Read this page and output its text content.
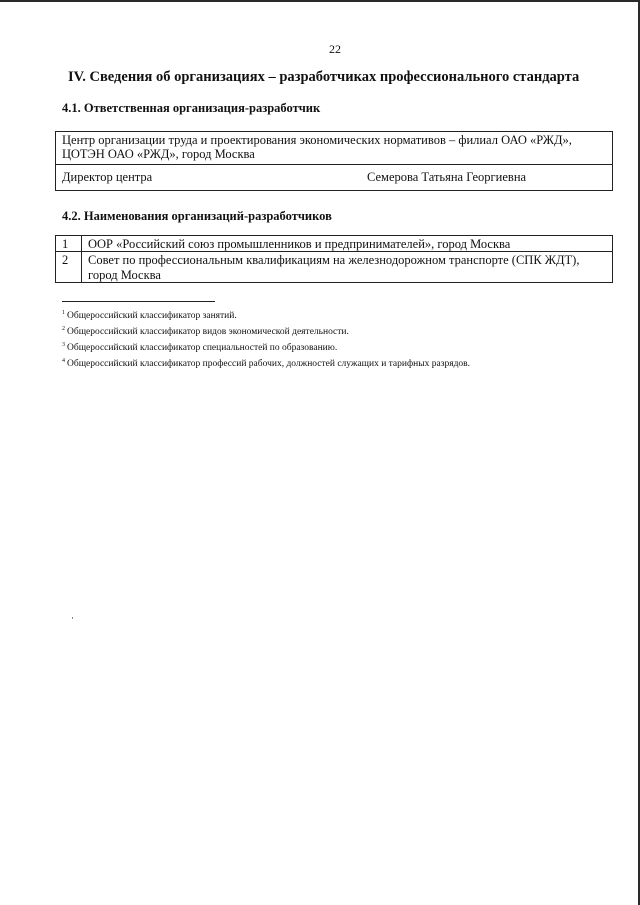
22
IV. Сведения об организациях – разработчиках профессионального стандарта
4.1. Ответственная организация-разработчик
Центр организации труда и проектирования экономических нормативов – филиал ОАО «РЖД»,
ЦОТЭН ОАО «РЖД», город Москва
Директор центра	Семерова Татьяна Георгиевна
4.2. Наименования организаций-разработчиков
1 ООР «Российский союз промышленников и предпринимателей», город Москва
2 Совет по профессиональным квалификациям на железнодорожном транспорте (СПК ЖДТ), город Москва
$^1$ Общероссийский классификатор занятий.
$^2$ Общероссийский классификатор видов экономической деятельности.
$^3$ Общероссийский классификатор специальностей по образованию.
$^4$ Общероссийский классификатор профессий рабочих, должностей служащих и тарифных разрядов.
